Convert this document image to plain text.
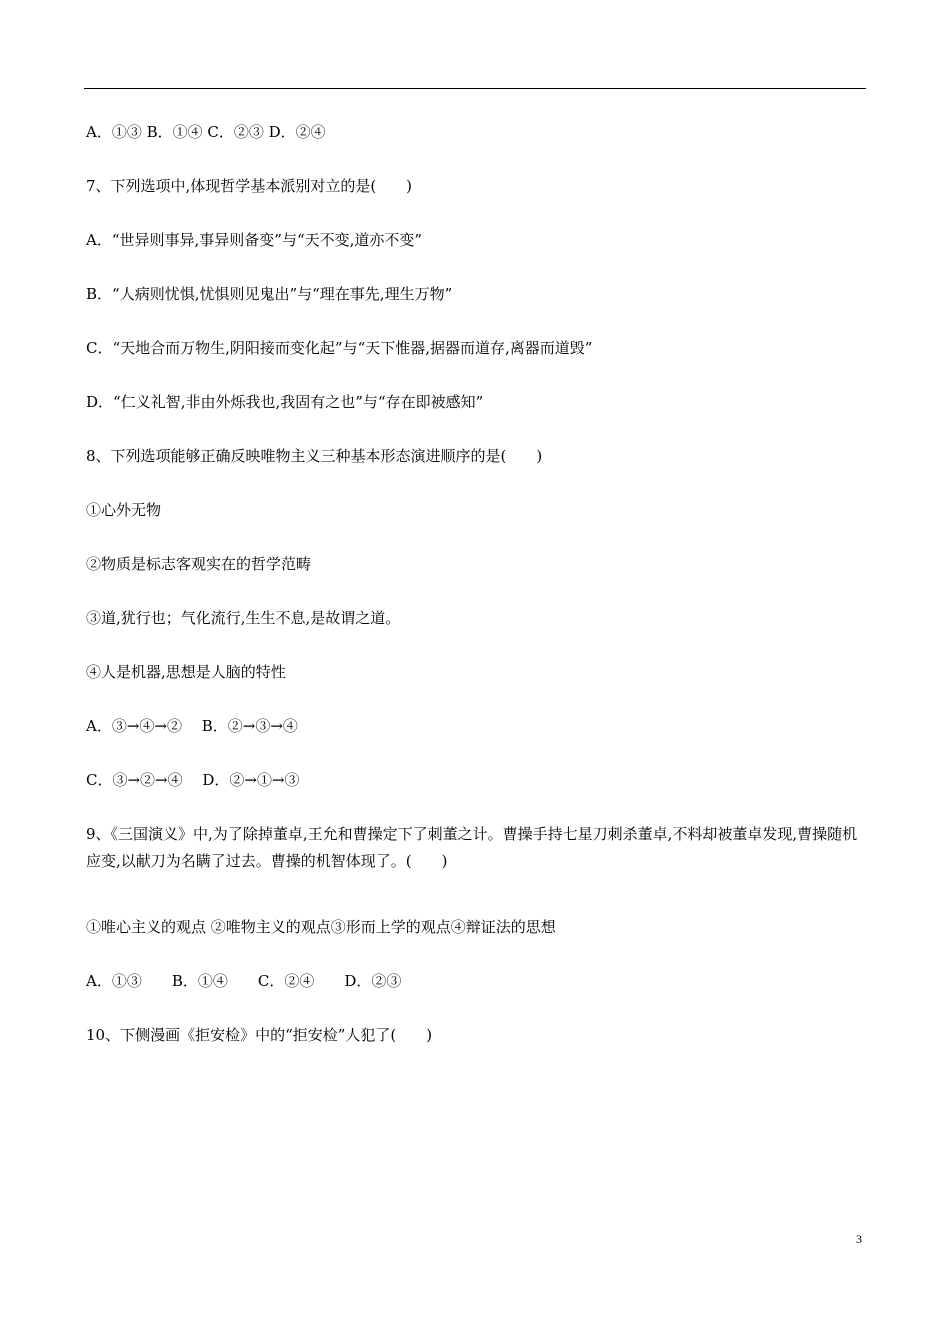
A．①③ B．①④ C．②③ D．②④
7、下列选项中,体现哲学基本派别对立的是(　　)
A．“世异则事异,事异则备变”与“天不变,道亦不变”
B．“人病则忧惧,忧惧则见鬼出”与“理在事先,理生万物”
C．“天地合而万物生,阴阳接而变化起”与“天下惟器,据器而道存,离器而道毁”
D．“仁义礼智,非由外烁我也,我固有之也”与“存在即被感知”
8、下列选项能够正确反映唯物主义三种基本形态演进顺序的是(　　)
①心外无物
②物质是标志客观实在的哲学范畴
③道,犹行也；气化流行,生生不息,是故谓之道。
④人是机器,思想是人脑的特性
A．③→④→②　 B．②→③→④
C．③→②→④　 D．②→①→③
9、《三国演义》中,为了除掉董卓,王允和曹操定下了刺董之计。曹操手持七星刀刺杀董卓,不料却被董卓发现,曹操随机应变,以献刀为名瞒了过去。曹操的机智体现了。(　　)
①唯心主义的观点 ②唯物主义的观点③形而上学的观点④辩证法的思想
A．①③　　B．①④　　C．②④　　D．②③
10、下侧漫画《拒安检》中的“拒安检”人犯了(　　)
3
